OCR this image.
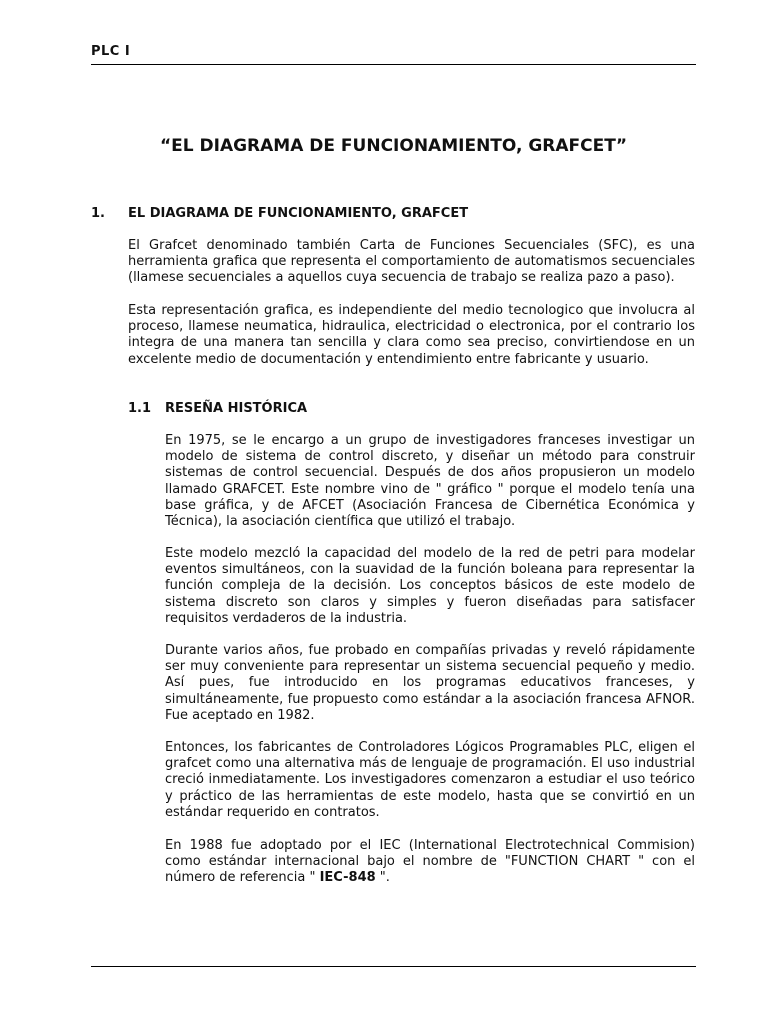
PLC I
“EL DIAGRAMA DE FUNCIONAMIENTO, GRAFCET”
1. EL DIAGRAMA DE FUNCIONAMIENTO, GRAFCET

El Grafcet denominado también Carta de Funciones Secuenciales (SFC), es una herramienta grafica que representa el comportamiento de automatismos secuenciales (llamese secuenciales a aquellos cuya secuencia de trabajo se realiza pazo a paso).

Esta representación grafica, es independiente del medio tecnologico que involucra al proceso, llamese neumatica, hidraulica, electricidad o electronica, por el contrario los integra de una manera tan sencilla y clara como sea preciso, convirtiendose en un excelente medio de documentación y entendimiento entre fabricante y usuario.

1.1 RESEÑA HISTÓRICA

En 1975, se le encargo a un grupo de investigadores franceses investigar un modelo de sistema de control discreto, y diseñar un método para construir sistemas de control secuencial. Después de dos años propusieron un modelo llamado GRAFCET. Este nombre vino de " gráfico " porque el modelo tenía una base gráfica, y de AFCET (Asociación Francesa de Cibernética Económica y Técnica), la asociación científica que utilizó el trabajo.

Este modelo mezcló la capacidad del modelo de la red de petri para modelar eventos simultáneos, con la suavidad de la función boleana para representar la función compleja de la decisión. Los conceptos básicos de este modelo de sistema discreto son claros y simples y fueron diseñadas para satisfacer requisitos verdaderos de la industria.

Durante varios años, fue probado en compañías privadas y reveló rápidamente ser muy conveniente para representar un sistema secuencial pequeño y medio. Así pues, fue introducido en los programas educativos franceses, y simultáneamente, fue propuesto como estándar a la asociación francesa AFNOR. Fue aceptado en 1982.

Entonces, los fabricantes de Controladores Lógicos Programables PLC, eligen el grafcet como una alternativa más de lenguaje de programación. El uso industrial creció inmediatamente. Los investigadores comenzaron a estudiar el uso teórico y práctico de las herramientas de este modelo, hasta que se convirtió en un estándar requerido en contratos.

En 1988 fue adoptado por el IEC (International Electrotechnical Commision) como estándar internacional bajo el nombre de "FUNCTION CHART " con el número de referencia " IEC-848 ".
